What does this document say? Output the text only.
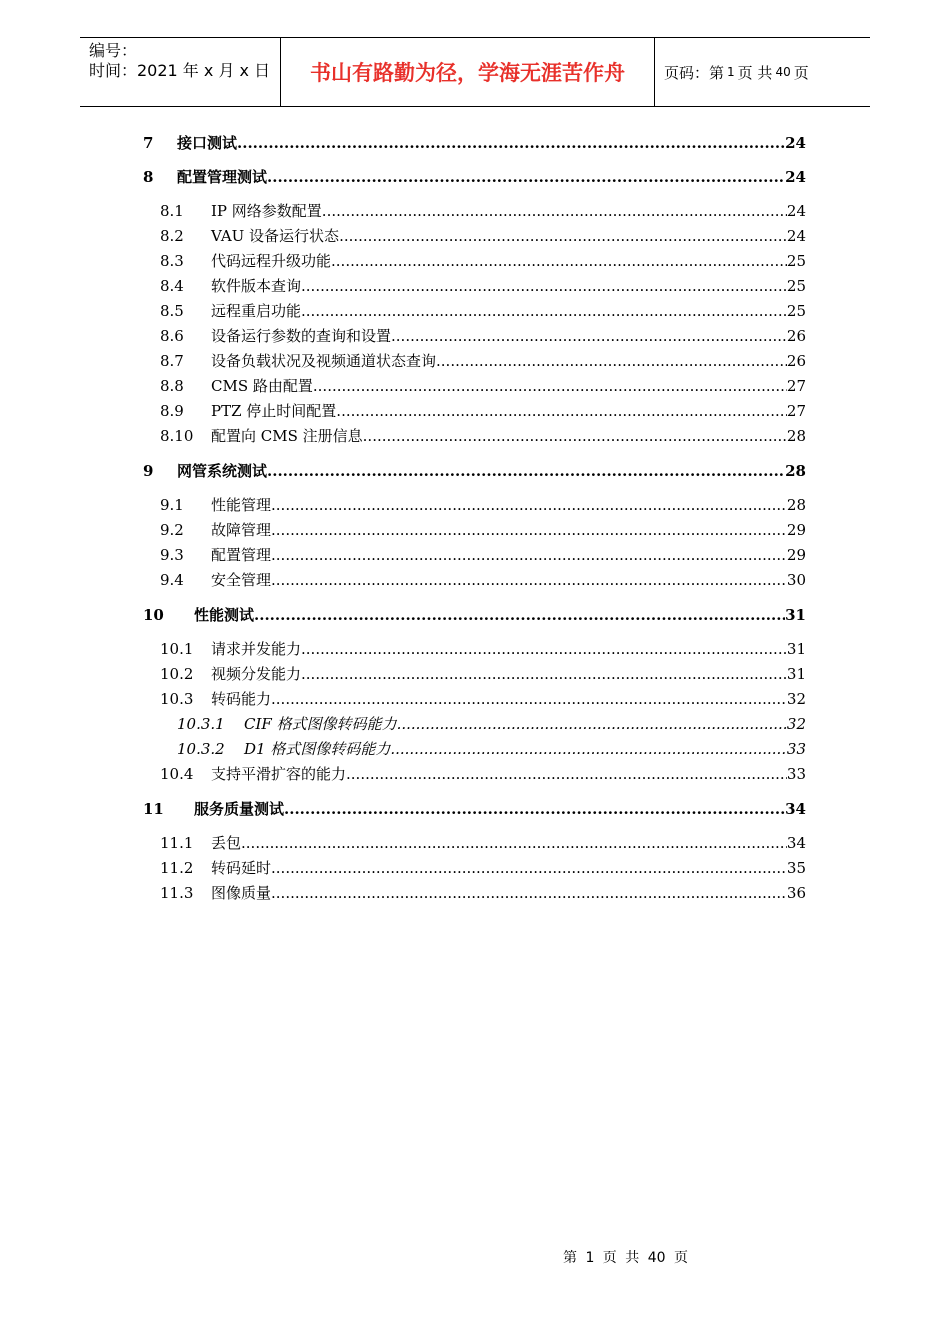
编号：
时间：2021 年 x 月 x 日	书山有路勤为径，学海无涯苦作舟	页码：第 1 页 共 40 页
7	接口测试 .....	24
8	配置管理测试 .....	24
8.1	IP 网络参数配置 .....	24
8.2	VAU 设备运行状态 .....	24
8.3	代码远程升级功能 .....	25
8.4	软件版本查询 .....	25
8.5	远程重启功能 .....	25
8.6	设备运行参数的查询和设置 .....	26
8.7	设备负载状况及视频通道状态查询 .....	26
8.8	CMS 路由配置 .....	27
8.9	PTZ 停止时间配置 .....	27
8.10	配置向 CMS 注册信息 .....	28
9	网管系统测试 .....	28
9.1	性能管理 .....	28
9.2	故障管理 .....	29
9.3	配置管理 .....	29
9.4	安全管理 .....	30
10	性能测试 .....	31
10.1	请求并发能力 .....	31
10.2	视频分发能力 .....	31
10.3	转码能力 .....	32
10.3.1	CIF 格式图像转码能力 .....	32
10.3.2	D1 格式图像转码能力 .....	33
10.4	支持平滑扩容的能力 .....	33
11	服务质量测试 .....	34
11.1	丢包 .....	34
11.2	转码延时 .....	35
11.3	图像质量 .....	36
第 1 页 共 40 页
